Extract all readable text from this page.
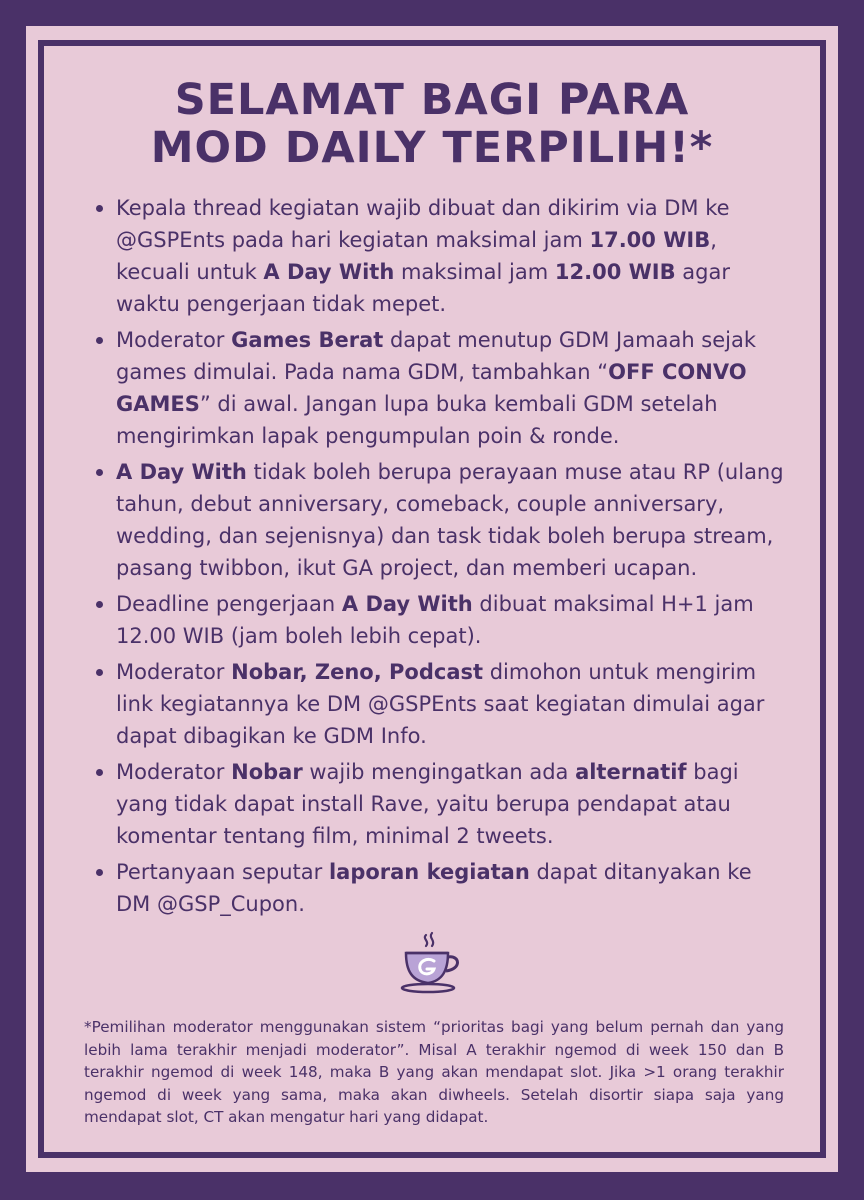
SELAMAT BAGI PARA
MOD DAILY TERPILIH!*
Kepala thread kegiatan wajib dibuat dan dikirim via DM ke @GSPEnts pada hari kegiatan maksimal jam 17.00 WIB, kecuali untuk A Day With maksimal jam 12.00 WIB agar waktu pengerjaan tidak mepet.
Moderator Games Berat dapat menutup GDM Jamaah sejak games dimulai. Pada nama GDM, tambahkan “OFF CONVO GAMES” di awal. Jangan lupa buka kembali GDM setelah mengirimkan lapak pengumpulan poin & ronde.
A Day With tidak boleh berupa perayaan muse atau RP (ulang tahun, debut anniversary, comeback, couple anniversary, wedding, dan sejenisnya) dan task tidak boleh berupa stream, pasang twibbon, ikut GA project, dan memberi ucapan.
Deadline pengerjaan A Day With dibuat maksimal H+1 jam 12.00 WIB (jam boleh lebih cepat).
Moderator Nobar, Zeno, Podcast dimohon untuk mengirim link kegiatannya ke DM @GSPEnts saat kegiatan dimulai agar dapat dibagikan ke GDM Info.
Moderator Nobar wajib mengingatkan ada alternatif bagi yang tidak dapat install Rave, yaitu berupa pendapat atau komentar tentang film, minimal 2 tweets.
Pertanyaan seputar laporan kegiatan dapat ditanyakan ke DM @GSP_Cupon.
*Pemilihan moderator menggunakan sistem “prioritas bagi yang belum pernah dan yang lebih lama terakhir menjadi moderator”. Misal A terakhir ngemod di week 150 dan B terakhir ngemod di week 148, maka B yang akan mendapat slot. Jika >1 orang terakhir ngemod di week yang sama, maka akan diwheels. Setelah disortir siapa saja yang mendapat slot, CT akan mengatur hari yang didapat.
